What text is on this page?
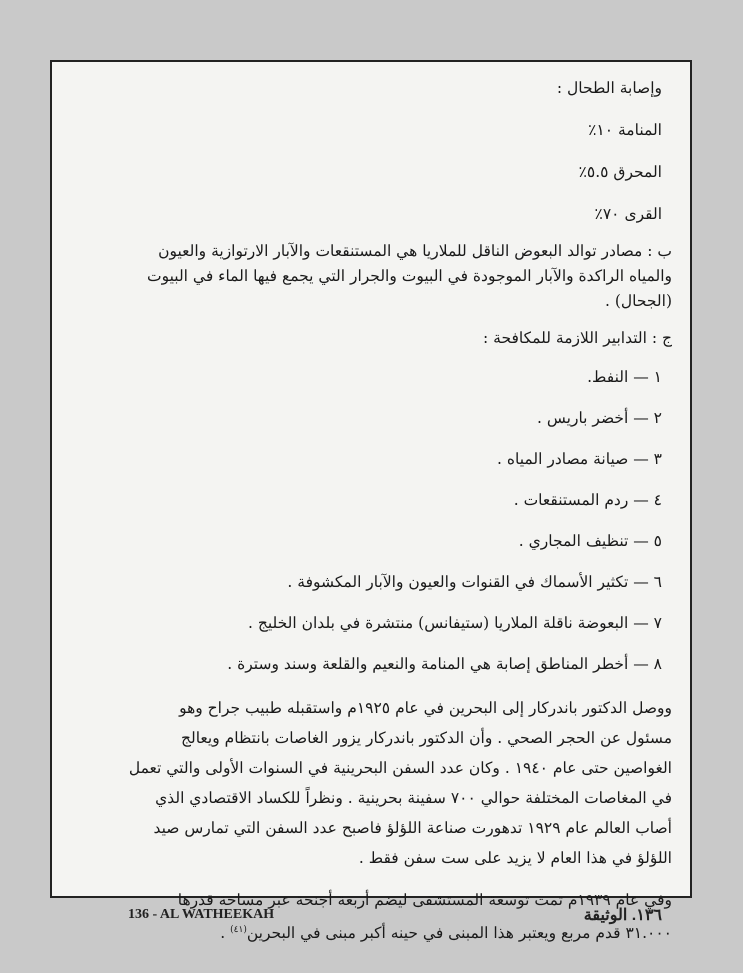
وإصابة الطحال :
المنامة ١٠٪
المحرق ٥.٥٪
القرى ٧٠٪
ب : مصادر توالد البعوض الناقل للملاريا هي المستنقعات والآبار الارتوازية والعيون
والمياه الراكدة والآبار الموجودة في البيوت والجرار التي يجمع فيها الماء في البيوت
(الجحال) .
ج : التدابير اللازمة للمكافحة :
١ — النفط.
٢ — أخضر باريس .
٣ — صيانة مصادر المياه .
٤ — ردم المستنقعات .
٥ — تنظيف المجاري .
٦ — تكثير الأسماك في القنوات والعيون والآبار المكشوفة .
٧ — البعوضة ناقلة الملاريا (ستيفانس) منتشرة في بلدان الخليج .
٨ — أخطر المناطق إصابة هي المنامة والنعيم والقلعة وسند وسترة .
ووصل الدكتور باندركار إلى البحرين في عام ١٩٢٥م واستقبله طبيب جراح وهو
مسئول عن الحجر الصحي . وأن الدكتور باندركار يزور الغاصات بانتظام ويعالج
الغواصين حتى عام ١٩٤٠ . وكان عدد السفن البحرينية في السنوات الأولى والتي تعمل
في المغاصات المختلفة حوالي ٧٠٠ سفينة بحرينية . ونظراً للكساد الاقتصادي الذي
أصاب العالم عام ١٩٢٩ تدهورت صناعة اللؤلؤ فاصبح عدد السفن التي تمارس صيد
اللؤلؤ في هذا العام لا يزيد على ست سفن فقط .
وفي عام ١٩٣٩م تمت توسعة المستشفى ليضم أربعة أجنحة عبر مساحة قدرها
٣١.٠٠٠ قدم مربع ويعتبر هذا المبنى في حينه أكبر مبنى في البحرين$^{(٤١)}$ .
136 - AL WATHEEKAH	١٣٦. الوثيقة
